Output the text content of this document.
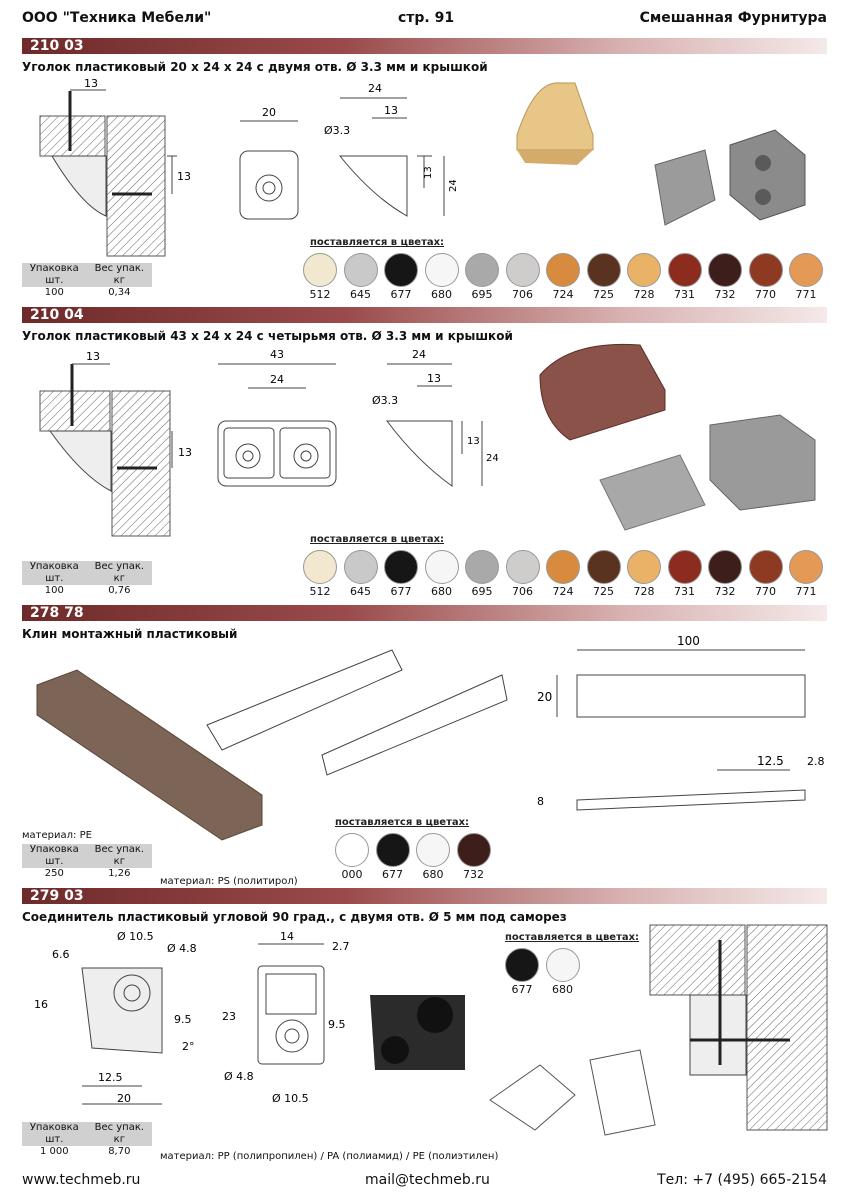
ООО "Техника Мебели"	стр. 91	Смешанная Фурнитура
210 03
Уголок пластиковый 20 х 24 х 24 с двумя отв. Ø 3.3 мм и крышкой
13
13
20
24
13
Ø3.3
13
24
поставляется в цветах:
512	645	677	680	695	706	724	725	728	731	732	770	771
Упаковка
шт.	Вес упак.
кг
100	0,34
210 04
Уголок пластиковый 43 х 24 х 24 с четырьмя отв. Ø 3.3 мм и крышкой
13
13
43
24
24
13
Ø3.3
13
24
поставляется в цветах:
512	645	677	680	695	706	724	725	728	731	732	770	771
Упаковка
шт.	Вес упак.
кг
100	0,76
278 78
Клин монтажный пластиковый	100
20
12.5 2.8
8
материал: PE
поставляется в цветах:
000	677	680	732
Упаковка
шт.	Вес упак.
кг
250	1,26
материал: PS (политирол)
279 03
Соединитель пластиковый угловой 90 град., с двумя отв. Ø 5 мм под саморез
Ø 10.5
Ø 4.8
6.6
16
9.5
2°
12.5
20
14
2.7
23
9.5
Ø 4.8
Ø 10.5
поставляется в цветах:
677	680
Упаковка
шт.	Вес упак.
кг
1 000	8,70	материал: PP (полипропилен) / PA (полиамид) / PE (полиэтилен)
www.techmeb.ru	mail@techmeb.ru	Тел: +7 (495) 665-2154
